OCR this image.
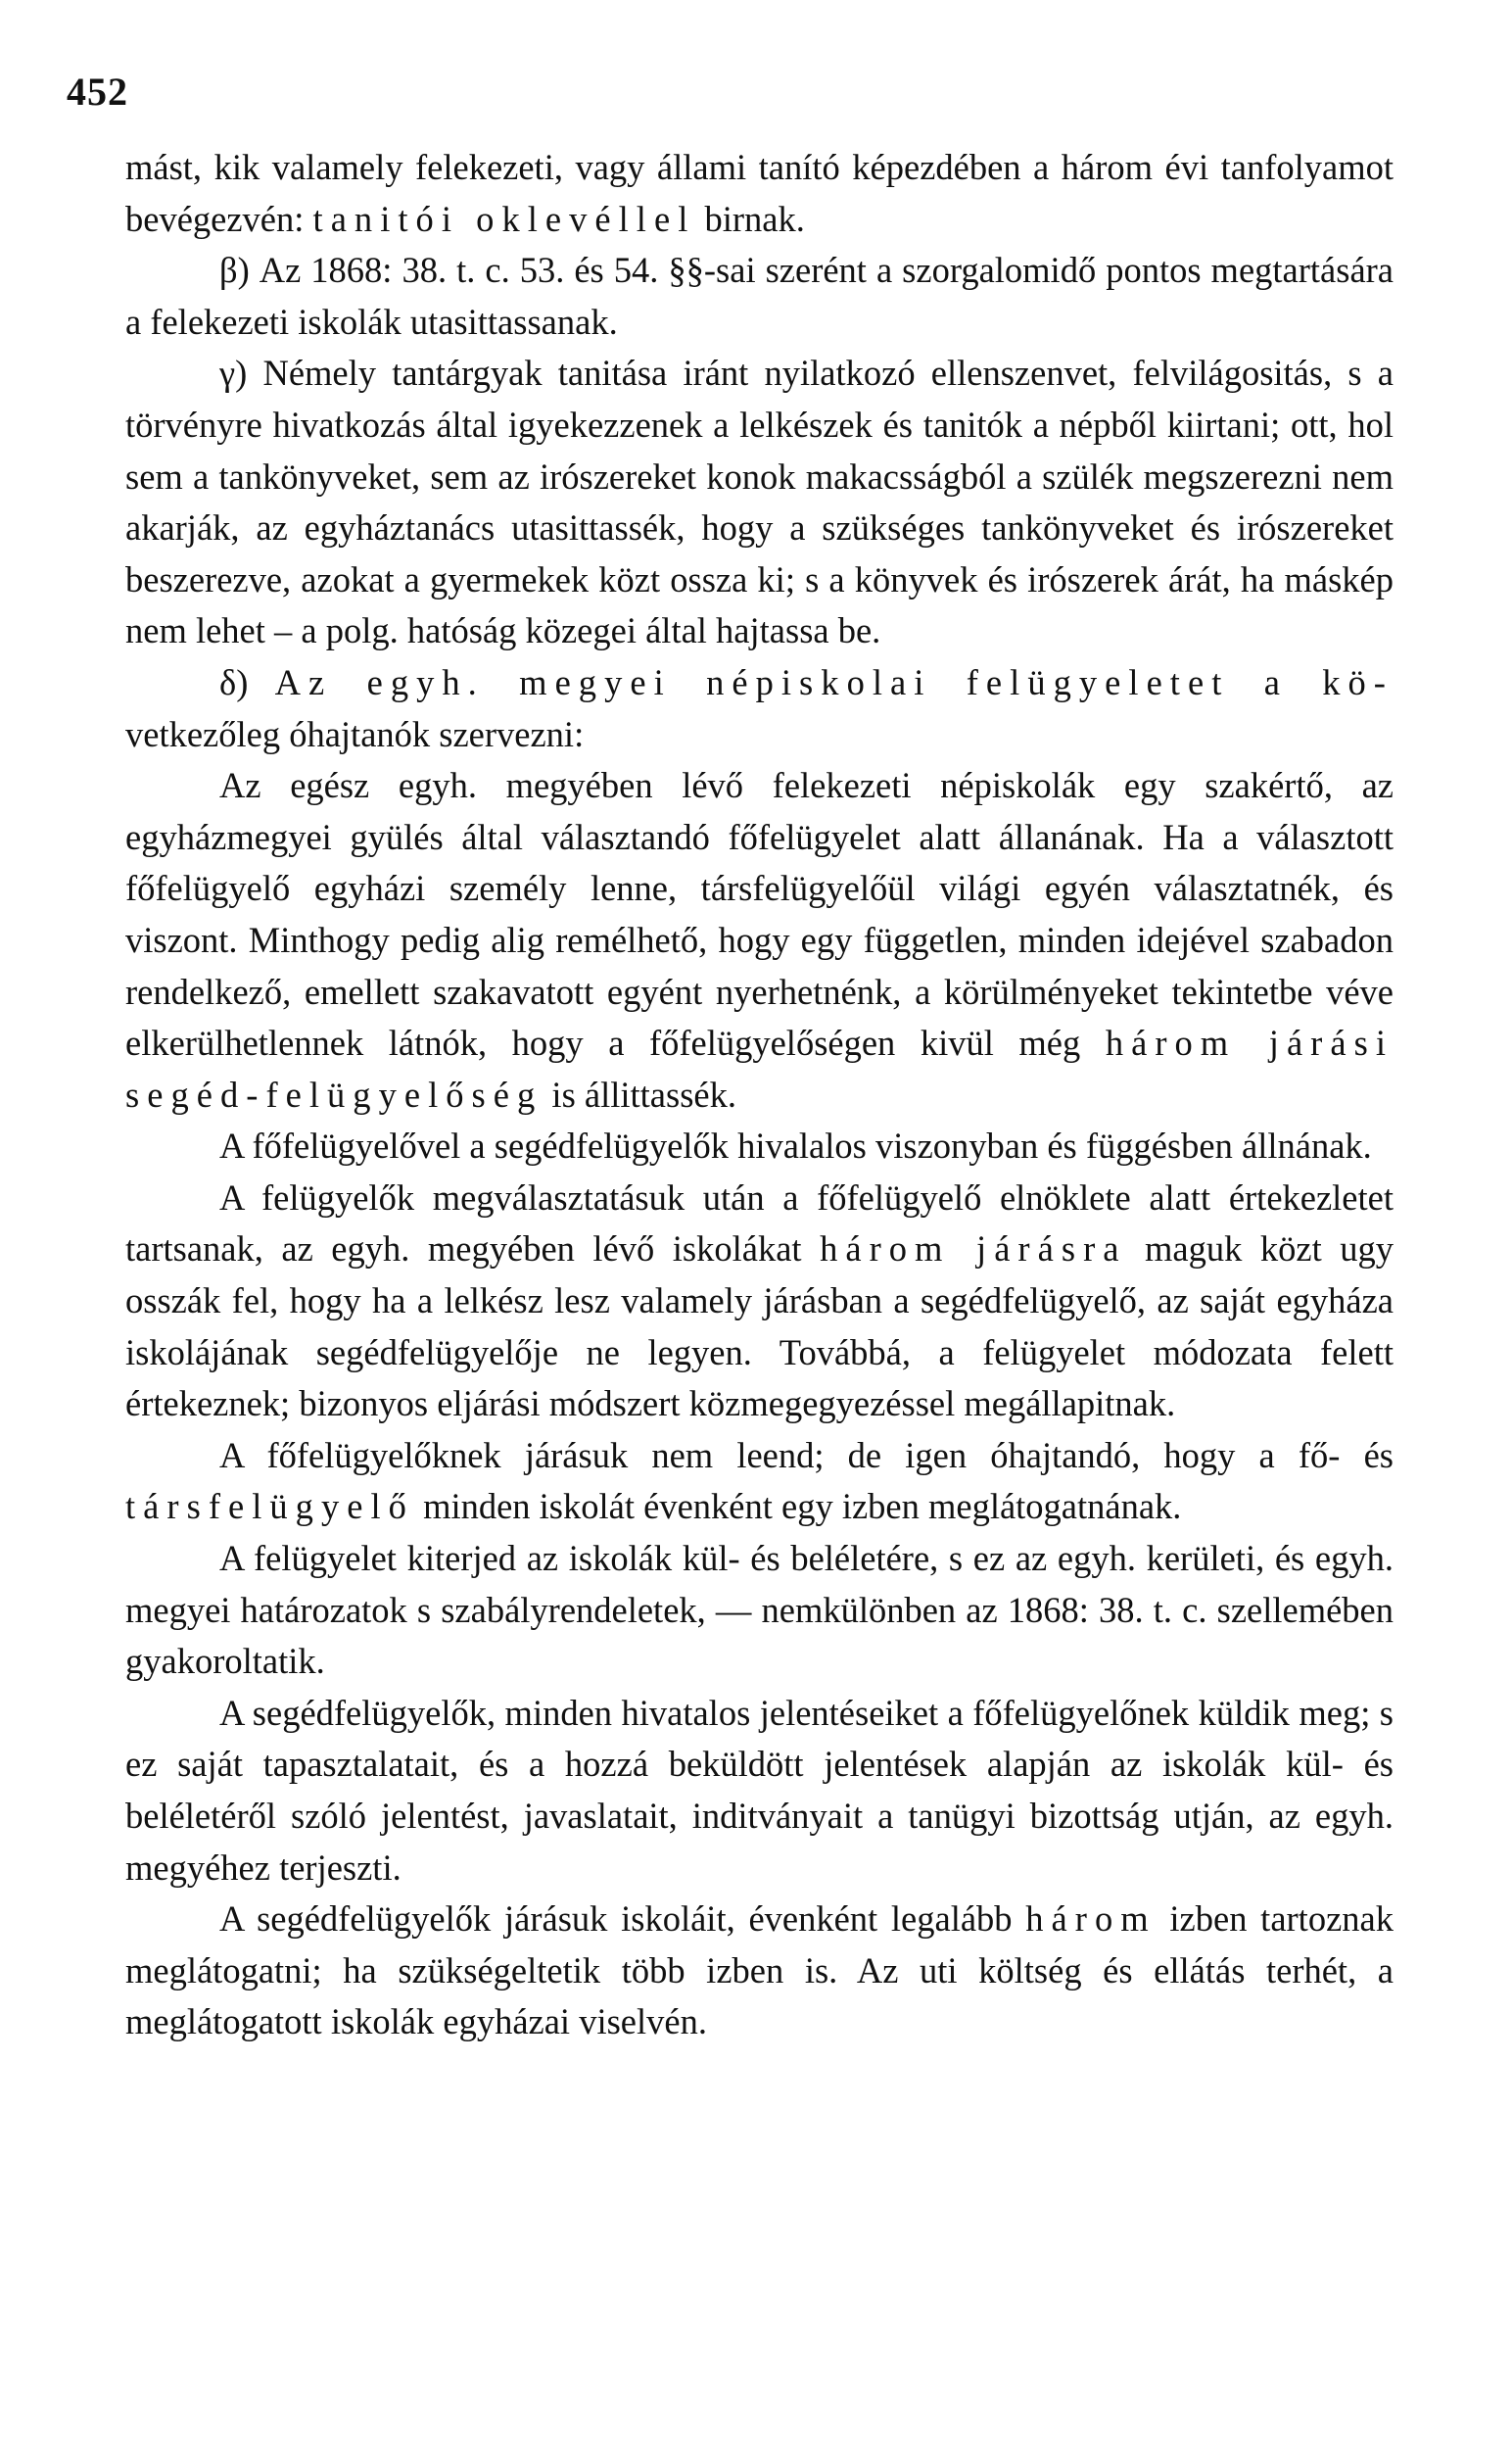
452

mást, kik valamely felekezeti, vagy állami tanító képezdében a három évi tanfolyamot bevégezvén: tanitói oklevéllel birnak.

β) Az 1868: 38. t. c. 53. és 54. §§-sai szerént a szorgalomidő pontos megtartására a felekezeti iskolák utasittassanak.

γ) Némely tantárgyak tanitása iránt nyilatkozó ellenszenvet, felvilágositás, s a törvényre hivatkozás által igyekezzenek a lelkészek és tanitók a népből kiirtani; ott, hol sem a tankönyveket, sem az irószereket konok makacsságból a szülék megszerezni nem akarják, az egyháztanács utasittassék, hogy a szükséges tankönyveket és irószereket beszerezve, azokat a gyermekek közt ossza ki; s a könyvek és irószerek árát, ha máskép nem lehet – a polg. hatóság közegei által hajtassa be.

δ) Az egyh. megyei népiskolai felügyeletet a kö- vetkezőleg óhajtanók szervezni:

Az egész egyh. megyében lévő felekezeti népiskolák egy szakértő, az egyházmegyei gyülés által választandó főfelügyelet alatt állanának. Ha a választott főfelügyelő egyházi személy lenne, társfelügyelőül világi egyén választatnék, és viszont. Minthogy pedig alig remélhető, hogy egy független, minden idejével szabadon rendelkező, emellett szakavatott egyént nyerhetnénk, a körülményeket tekintetbe véve elkerülhetlennek látnók, hogy a főfelügyelőségen kivül még három járási segéd-felügyelőség is állittassék.

A főfelügyelővel a segédfelügyelők hivalalos viszonyban és függésben állnának.

A felügyelők megválasztatásuk után a főfelügyelő elnöklete alatt értekezletet tartsanak, az egyh. megyében lévő iskolákat három járásra maguk közt ugy osszák fel, hogy ha a lelkész lesz valamely járásban a segédfelügyelő, az saját egyháza iskolájának segédfelügyelője ne legyen. Továbbá, a felügyelet módozata felett értekeznek; bizonyos eljárási módszert közmegegyezéssel megállapitnak.

A főfelügyelőknek járásuk nem leend; de igen óhajtandó, hogy a fő- és társfelügyelő minden iskolát évenként egy izben meglátogatnának.

A felügyelet kiterjed az iskolák kül- és beléletére, s ez az egyh. kerületi, és egyh. megyei határozatok s szabályrendeletek, — nemkülönben az 1868: 38. t. c. szellemében gyakoroltatik.

A segédfelügyelők, minden hivatalos jelentéseiket a főfelügyelőnek küldik meg; s ez saját tapasztalatait, és a hozzá beküldött jelentések alapján az iskolák kül- és beléletéről szóló jelentést, javaslatait, inditványait a tanügyi bizottság utján, az egyh. megyéhez terjeszti.

A segédfelügyelők járásuk iskoláit, évenként legalább három izben tartoznak meglátogatni; ha szükségeltetik több izben is. Az uti költség és ellátás terhét, a meglátogatott iskolák egyházai viselvén.
